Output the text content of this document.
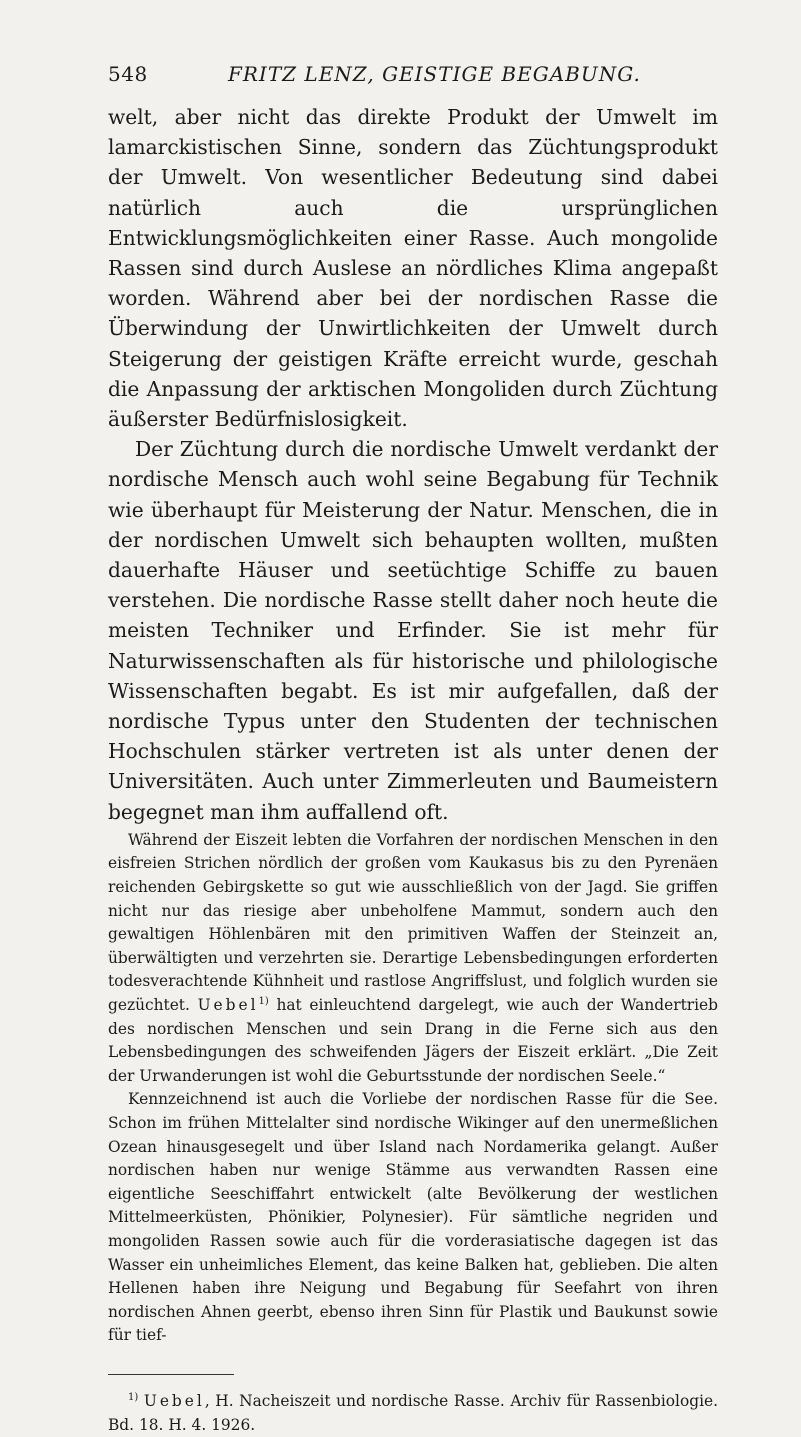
548	FRITZ LENZ, GEISTIGE BEGABUNG.

welt, aber nicht das direkte Produkt der Umwelt im lamarckistischen Sinne, sondern das Züchtungsprodukt der Umwelt. Von wesentlicher Bedeutung sind dabei natürlich auch die ursprünglichen Entwicklungsmöglichkeiten einer Rasse. Auch mongolide Rassen sind durch Auslese an nördliches Klima angepaßt worden. Während aber bei der nordischen Rasse die Überwindung der Unwirtlichkeiten der Umwelt durch Steigerung der geistigen Kräfte erreicht wurde, geschah die Anpassung der arktischen Mongoliden durch Züchtung äußerster Bedürfnislosigkeit.

Der Züchtung durch die nordische Umwelt verdankt der nordische Mensch auch wohl seine Begabung für Technik wie überhaupt für Meisterung der Natur. Menschen, die in der nordischen Umwelt sich behaupten wollten, mußten dauerhafte Häuser und seetüchtige Schiffe zu bauen verstehen. Die nordische Rasse stellt daher noch heute die meisten Techniker und Erfinder. Sie ist mehr für Naturwissenschaften als für historische und philologische Wissenschaften begabt. Es ist mir aufgefallen, daß der nordische Typus unter den Studenten der technischen Hochschulen stärker vertreten ist als unter denen der Universitäten. Auch unter Zimmerleuten und Baumeistern begegnet man ihm auffallend oft.

Während der Eiszeit lebten die Vorfahren der nordischen Menschen in den eisfreien Strichen nördlich der großen vom Kaukasus bis zu den Pyrenäen reichenden Gebirgskette so gut wie ausschließlich von der Jagd. Sie griffen nicht nur das riesige aber unbeholfene Mammut, sondern auch den gewaltigen Höhlenbären mit den primitiven Waffen der Steinzeit an, überwältigten und verzehrten sie. Derartige Lebensbedingungen erforderten todesverachtende Kühnheit und rastlose Angriffslust, und folglich wurden sie gezüchtet. Uebel$^{1)}$ hat einleuchtend dargelegt, wie auch der Wandertrieb des nordischen Menschen und sein Drang in die Ferne sich aus den Lebensbedingungen des schweifenden Jägers der Eiszeit erklärt. „Die Zeit der Urwanderungen ist wohl die Geburtsstunde der nordischen Seele.“

Kennzeichnend ist auch die Vorliebe der nordischen Rasse für die See. Schon im frühen Mittelalter sind nordische Wikinger auf den unermeßlichen Ozean hinausgesegelt und über Island nach Nordamerika gelangt. Außer nordischen haben nur wenige Stämme aus verwandten Rassen eine eigentliche Seeschiffahrt entwickelt (alte Bevölkerung der westlichen Mittelmeerküsten, Phönikier, Polynesier). Für sämtliche negriden und mongoliden Rassen sowie auch für die vorderasiatische dagegen ist das Wasser ein unheimliches Element, das keine Balken hat, geblieben. Die alten Hellenen haben ihre Neigung und Begabung für Seefahrt von ihren nordischen Ahnen geerbt, ebenso ihren Sinn für Plastik und Baukunst sowie für tief-

$^{1)}$ Uebel, H. Nacheiszeit und nordische Rasse. Archiv für Rassenbiologie. Bd. 18. H. 4. 1926.
